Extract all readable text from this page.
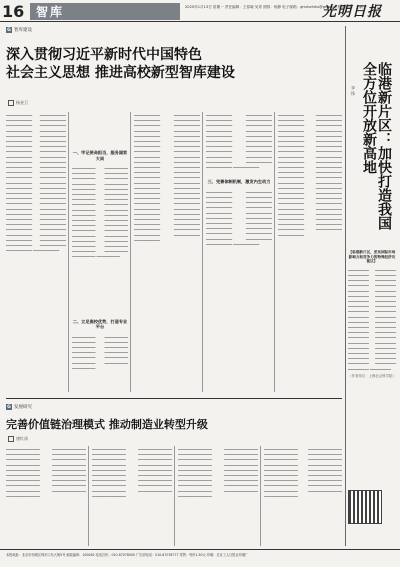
16 智库	2020年1月13日 星期一 责任编辑：王春晓 吴青 照排：杨静 电子邮箱：gmrbzhiku@gmw.cn 版式编辑：王新
光明日报
G 智库建设
深入贯彻习近平新时代中国特色
社会主义思想 推进高校新型智库建设
杨金卫
▁▁▁▁▁▁▁▁▁▁ ▁▁▁▁▁▁▁▁▁▁ ▁▁▁▁▁▁▁▁▁▁ ▁▁▁▁▁▁▁▁▁▁ ▁▁▁▁▁▁▁▁▁▁ ▁▁▁▁▁▁▁▁▁▁ ▁▁▁▁▁▁▁▁▁▁ ▁▁▁▁▁▁▁▁▁▁ ▁▁▁▁▁▁▁▁▁▁ ▁▁▁▁▁▁▁▁▁▁ ▁▁▁▁▁▁▁▁▁▁ ▁▁▁▁▁▁▁▁▁▁ ▁▁▁▁▁▁▁▁▁▁ ▁▁▁▁▁▁▁▁▁▁ ▁▁▁▁▁▁▁▁▁▁ ▁▁▁▁▁▁▁▁▁▁ ▁▁▁▁▁▁▁▁▁▁ ▁▁▁▁▁▁▁▁▁▁ ▁▁▁▁▁▁▁▁▁▁ ▁▁▁▁▁▁▁▁▁▁ ▁▁▁▁▁▁▁▁▁▁ ▁▁▁▁▁▁▁▁▁▁ ▁▁▁▁▁▁▁▁▁▁ ▁▁▁▁▁▁▁▁▁▁ ▁▁▁▁▁▁▁▁▁▁ ▁▁▁▁▁▁▁▁▁▁ ▁▁▁▁▁▁▁▁▁▁ ▁▁▁▁▁▁▁▁▁▁ ▁▁▁▁▁▁▁▁▁▁ ▁▁▁▁▁▁▁▁▁▁ ▁▁▁▁▁▁▁▁▁▁ ▁▁▁▁▁▁▁▁▁▁ ▁▁▁▁▁▁▁▁▁▁ ▁▁▁▁▁▁▁▁▁▁ ▁▁▁▁▁▁▁▁▁▁ ▁▁▁▁▁▁▁▁▁▁ ▁▁▁▁▁▁▁▁▁▁ ▁▁▁▁▁▁▁▁▁▁ ▁▁▁▁▁▁▁▁▁▁ ▁▁▁▁▁▁▁▁▁▁ ▁▁▁▁▁▁▁▁▁▁ ▁▁▁▁▁▁▁▁▁▁ ▁▁▁▁▁▁▁▁▁▁ ▁▁▁▁▁▁▁▁▁▁ ▁▁▁▁▁▁▁▁▁▁ ▁▁▁▁▁▁▁▁▁▁ ▁▁▁▁▁▁▁▁▁▁ ▁▁▁▁▁▁▁▁▁▁ ▁▁▁▁▁▁▁▁▁▁ ▁▁▁▁▁▁▁▁▁▁ ▁▁▁▁▁▁▁▁▁▁ ▁▁▁▁▁▁▁▁▁▁ ▁▁▁▁▁▁▁▁▁▁ ▁▁▁▁▁▁▁▁▁▁
一、牢记使命担当，服务国家大局
▁▁▁▁▁▁▁▁▁ ▁▁▁▁▁▁▁▁▁ ▁▁▁▁▁▁▁▁▁ ▁▁▁▁▁▁▁▁▁ ▁▁▁▁▁▁▁▁▁ ▁▁▁▁▁▁▁▁▁ ▁▁▁▁▁▁▁▁▁ ▁▁▁▁▁▁▁▁▁ ▁▁▁▁▁▁▁▁▁ ▁▁▁▁▁▁▁▁▁ ▁▁▁▁▁▁▁▁▁ ▁▁▁▁▁▁▁▁▁ ▁▁▁▁▁▁▁▁▁ ▁▁▁▁▁▁▁▁▁ ▁▁▁▁▁▁▁▁▁ ▁▁▁▁▁▁▁▁▁ ▁▁▁▁▁▁▁▁▁ ▁▁▁▁▁▁▁▁▁ ▁▁▁▁▁▁▁▁▁ ▁▁▁▁▁▁▁▁▁ ▁▁▁▁▁▁▁▁▁ ▁▁▁▁▁▁▁▁▁ ▁▁▁▁▁▁▁▁▁ ▁▁▁▁▁▁▁▁▁ ▁▁▁▁▁▁▁▁▁ ▁▁▁▁▁▁▁▁▁ ▁▁▁▁▁▁▁▁▁ ▁▁▁▁▁▁▁▁▁ ▁▁▁▁▁▁▁▁▁ ▁▁▁▁▁▁▁▁▁ ▁▁▁▁▁▁▁▁▁ ▁▁▁▁▁▁▁▁▁ ▁▁▁▁▁▁▁▁▁ ▁▁▁▁▁▁▁▁▁ ▁▁▁▁▁▁▁▁▁ ▁▁▁▁▁▁▁▁▁
二、立足高校优势，打造专业平台
▁▁▁▁▁▁▁▁▁ ▁▁▁▁▁▁▁▁▁ ▁▁▁▁▁▁▁▁▁ ▁▁▁▁▁▁▁▁▁ ▁▁▁▁▁▁▁▁▁ ▁▁▁▁▁▁▁▁▁ ▁▁▁▁▁▁▁▁▁ ▁▁▁▁▁▁▁▁▁ ▁▁▁▁▁▁▁▁▁ ▁▁▁▁▁▁▁▁▁ ▁▁▁▁▁▁▁▁▁ ▁▁▁▁▁▁▁▁▁ ▁▁▁▁▁▁▁▁▁
▁▁▁▁▁▁▁▁▁▁ ▁▁▁▁▁▁▁▁▁▁ ▁▁▁▁▁▁▁▁▁▁ ▁▁▁▁▁▁▁▁▁▁ ▁▁▁▁▁▁▁▁▁▁ ▁▁▁▁▁▁▁▁▁▁ ▁▁▁▁▁▁▁▁▁▁ ▁▁▁▁▁▁▁▁▁▁ ▁▁▁▁▁▁▁▁▁▁ ▁▁▁▁▁▁▁▁▁▁ ▁▁▁▁▁▁▁▁▁▁ ▁▁▁▁▁▁▁▁▁▁ ▁▁▁▁▁▁▁▁▁▁ ▁▁▁▁▁▁▁▁▁▁ ▁▁▁▁▁▁▁▁▁▁ ▁▁▁▁▁▁▁▁▁▁ ▁▁▁▁▁▁▁▁▁▁ ▁▁▁▁▁▁▁▁▁▁ ▁▁▁▁▁▁▁▁▁▁ ▁▁▁▁▁▁▁▁▁▁ ▁▁▁▁▁▁▁▁▁▁ ▁▁▁▁▁▁▁▁▁▁ ▁▁▁▁▁▁▁▁▁▁ ▁▁▁▁▁▁▁▁▁▁ ▁▁▁▁▁▁▁▁▁▁ ▁▁▁▁▁▁▁▁▁▁ ▁▁▁▁▁▁▁▁▁▁ ▁▁▁▁▁▁▁▁▁▁ ▁▁▁▁▁▁▁▁▁▁ ▁▁▁▁▁▁▁▁▁▁ ▁▁▁▁▁▁▁▁▁▁ ▁▁▁▁▁▁▁▁▁▁ ▁▁▁▁▁▁▁▁▁▁ ▁▁▁▁▁▁▁▁▁▁ ▁▁▁▁▁▁▁▁▁▁ ▁▁▁▁▁▁▁▁▁▁ ▁▁▁▁▁▁▁▁▁▁ ▁▁▁▁▁▁▁▁▁▁ ▁▁▁▁▁▁▁▁▁▁ ▁▁▁▁▁▁▁▁▁▁ ▁▁▁▁▁▁▁▁▁▁ ▁▁▁▁▁▁▁▁▁▁ ▁▁▁▁▁▁▁▁▁▁ ▁▁▁▁▁▁▁▁▁▁ ▁▁▁▁▁▁▁▁▁▁ ▁▁▁▁▁▁▁▁▁▁ ▁▁▁▁▁▁▁▁▁▁ ▁▁▁▁▁▁▁▁▁▁ ▁▁▁▁▁▁▁▁▁▁
▁▁▁▁▁▁▁▁▁▁ ▁▁▁▁▁▁▁▁▁▁ ▁▁▁▁▁▁▁▁▁▁ ▁▁▁▁▁▁▁▁▁▁ ▁▁▁▁▁▁▁▁▁▁ ▁▁▁▁▁▁▁▁▁▁ ▁▁▁▁▁▁▁▁▁▁ ▁▁▁▁▁▁▁▁▁▁ ▁▁▁▁▁▁▁▁▁▁ ▁▁▁▁▁▁▁▁▁▁ ▁▁▁▁▁▁▁▁▁▁ ▁▁▁▁▁▁▁▁▁▁ ▁▁▁▁▁▁▁▁▁▁ ▁▁▁▁▁▁▁▁▁▁ ▁▁▁▁▁▁▁▁▁▁ ▁▁▁▁▁▁▁▁▁▁ ▁▁▁▁▁▁▁▁▁▁ ▁▁▁▁▁▁▁▁▁▁ ▁▁▁▁▁▁▁▁▁▁ ▁▁▁▁▁▁▁▁▁▁ ▁▁▁▁▁▁▁▁▁▁ ▁▁▁▁▁▁▁▁▁▁
三、完善体制机制，激发内生动力
▁▁▁▁▁▁▁▁▁▁ ▁▁▁▁▁▁▁▁▁▁ ▁▁▁▁▁▁▁▁▁▁ ▁▁▁▁▁▁▁▁▁▁ ▁▁▁▁▁▁▁▁▁▁ ▁▁▁▁▁▁▁▁▁▁ ▁▁▁▁▁▁▁▁▁▁ ▁▁▁▁▁▁▁▁▁▁ ▁▁▁▁▁▁▁▁▁▁ ▁▁▁▁▁▁▁▁▁▁ ▁▁▁▁▁▁▁▁▁▁ ▁▁▁▁▁▁▁▁▁▁ ▁▁▁▁▁▁▁▁▁▁ ▁▁▁▁▁▁▁▁▁▁ ▁▁▁▁▁▁▁▁▁▁ ▁▁▁▁▁▁▁▁▁▁ ▁▁▁▁▁▁▁▁▁▁ ▁▁▁▁▁▁▁▁▁▁ ▁▁▁▁▁▁▁▁▁▁ ▁▁▁▁▁▁▁▁▁▁ ▁▁▁▁▁▁▁▁▁▁ ▁▁▁▁▁▁▁▁▁▁
▁▁▁▁▁▁▁▁▁▁ ▁▁▁▁▁▁▁▁▁▁ ▁▁▁▁▁▁▁▁▁▁ ▁▁▁▁▁▁▁▁▁▁ ▁▁▁▁▁▁▁▁▁▁ ▁▁▁▁▁▁▁▁▁▁ ▁▁▁▁▁▁▁▁▁▁ ▁▁▁▁▁▁▁▁▁▁ ▁▁▁▁▁▁▁▁▁▁ ▁▁▁▁▁▁▁▁▁▁ ▁▁▁▁▁▁▁▁▁▁ ▁▁▁▁▁▁▁▁▁▁ ▁▁▁▁▁▁▁▁▁▁ ▁▁▁▁▁▁▁▁▁▁ ▁▁▁▁▁▁▁▁▁▁ ▁▁▁▁▁▁▁▁▁▁ ▁▁▁▁▁▁▁▁▁▁ ▁▁▁▁▁▁▁▁▁▁ ▁▁▁▁▁▁▁▁▁▁ ▁▁▁▁▁▁▁▁▁▁ ▁▁▁▁▁▁▁▁▁▁ ▁▁▁▁▁▁▁▁▁▁ ▁▁▁▁▁▁▁▁▁▁ ▁▁▁▁▁▁▁▁▁▁ ▁▁▁▁▁▁▁▁▁▁ ▁▁▁▁▁▁▁▁▁▁ ▁▁▁▁▁▁▁▁▁▁ ▁▁▁▁▁▁▁▁▁▁ ▁▁▁▁▁▁▁▁▁▁ ▁▁▁▁▁▁▁▁▁▁ ▁▁▁▁▁▁▁▁▁▁ ▁▁▁▁▁▁▁▁▁▁ ▁▁▁▁▁▁▁▁▁▁ ▁▁▁▁▁▁▁▁▁▁ ▁▁▁▁▁▁▁▁▁▁ ▁▁▁▁▁▁▁▁▁▁ ▁▁▁▁▁▁▁▁▁▁ ▁▁▁▁▁▁▁▁▁▁ ▁▁▁▁▁▁▁▁▁▁ ▁▁▁▁▁▁▁▁▁▁ ▁▁▁▁▁▁▁▁▁▁ ▁▁▁▁▁▁▁▁▁▁ ▁▁▁▁▁▁▁▁▁▁ ▁▁▁▁▁▁▁▁▁▁ ▁▁▁▁▁▁▁▁▁▁ ▁▁▁▁▁▁▁▁▁▁ ▁▁▁▁▁▁▁▁▁▁
G 发展研究
完善价值链治理模式 推动制造业转型升级
唐红涛
▁▁▁▁▁▁▁▁▁▁▁▁▁ ▁▁▁▁▁▁▁▁▁▁▁▁▁ ▁▁▁▁▁▁▁▁▁▁▁▁▁ ▁▁▁▁▁▁▁▁▁▁▁▁▁ ▁▁▁▁▁▁▁▁▁▁▁▁▁ ▁▁▁▁▁▁▁▁▁▁▁▁▁ ▁▁▁▁▁▁▁▁▁▁▁▁▁ ▁▁▁▁▁▁▁▁▁▁▁▁▁ ▁▁▁▁▁▁▁▁▁▁▁▁▁ ▁▁▁▁▁▁▁▁▁▁▁▁▁ ▁▁▁▁▁▁▁▁▁▁▁▁▁ ▁▁▁▁▁▁▁▁▁▁▁▁▁ ▁▁▁▁▁▁▁▁▁▁▁▁▁ ▁▁▁▁▁▁▁▁▁▁▁▁▁ ▁▁▁▁▁▁▁▁▁▁▁▁▁ ▁▁▁▁▁▁▁▁▁▁▁▁▁ ▁▁▁▁▁▁▁▁▁▁▁▁▁ ▁▁▁▁▁▁▁▁▁▁▁▁▁ ▁▁▁▁▁▁▁▁▁▁▁▁▁
▁▁▁▁▁▁▁▁▁▁▁▁▁ ▁▁▁▁▁▁▁▁▁▁▁▁▁ ▁▁▁▁▁▁▁▁▁▁▁▁▁ ▁▁▁▁▁▁▁▁▁▁▁▁▁ ▁▁▁▁▁▁▁▁▁▁▁▁▁ ▁▁▁▁▁▁▁▁▁▁▁▁▁ ▁▁▁▁▁▁▁▁▁▁▁▁▁ ▁▁▁▁▁▁▁▁▁▁▁▁▁ ▁▁▁▁▁▁▁▁▁▁▁▁▁ ▁▁▁▁▁▁▁▁▁▁▁▁▁ ▁▁▁▁▁▁▁▁▁▁▁▁▁ ▁▁▁▁▁▁▁▁▁▁▁▁▁ ▁▁▁▁▁▁▁▁▁▁▁▁▁ ▁▁▁▁▁▁▁▁▁▁▁▁▁ ▁▁▁▁▁▁▁▁▁▁▁▁▁ ▁▁▁▁▁▁▁▁▁▁▁▁▁ ▁▁▁▁▁▁▁▁▁▁▁▁▁ ▁▁▁▁▁▁▁▁▁▁▁▁▁ ▁▁▁▁▁▁▁▁▁▁▁▁▁
▁▁▁▁▁▁▁▁▁▁▁▁▁ ▁▁▁▁▁▁▁▁▁▁▁▁▁ ▁▁▁▁▁▁▁▁▁▁▁▁▁ ▁▁▁▁▁▁▁▁▁▁▁▁▁ ▁▁▁▁▁▁▁▁▁▁▁▁▁ ▁▁▁▁▁▁▁▁▁▁▁▁▁ ▁▁▁▁▁▁▁▁▁▁▁▁▁ ▁▁▁▁▁▁▁▁▁▁▁▁▁ ▁▁▁▁▁▁▁▁▁▁▁▁▁ ▁▁▁▁▁▁▁▁▁▁▁▁▁ ▁▁▁▁▁▁▁▁▁▁▁▁▁ ▁▁▁▁▁▁▁▁▁▁▁▁▁ ▁▁▁▁▁▁▁▁▁▁▁▁▁ ▁▁▁▁▁▁▁▁▁▁▁▁▁ ▁▁▁▁▁▁▁▁▁▁▁▁▁ ▁▁▁▁▁▁▁▁▁▁▁▁▁ ▁▁▁▁▁▁▁▁▁▁▁▁▁ ▁▁▁▁▁▁▁▁▁▁▁▁▁ ▁▁▁▁▁▁▁▁▁▁▁▁▁
▁▁▁▁▁▁▁▁▁▁▁▁▁ ▁▁▁▁▁▁▁▁▁▁▁▁▁ ▁▁▁▁▁▁▁▁▁▁▁▁▁ ▁▁▁▁▁▁▁▁▁▁▁▁▁ ▁▁▁▁▁▁▁▁▁▁▁▁▁ ▁▁▁▁▁▁▁▁▁▁▁▁▁ ▁▁▁▁▁▁▁▁▁▁▁▁▁ ▁▁▁▁▁▁▁▁▁▁▁▁▁ ▁▁▁▁▁▁▁▁▁▁▁▁▁ ▁▁▁▁▁▁▁▁▁▁▁▁▁ ▁▁▁▁▁▁▁▁▁▁▁▁▁ ▁▁▁▁▁▁▁▁▁▁▁▁▁ ▁▁▁▁▁▁▁▁▁▁▁▁▁ ▁▁▁▁▁▁▁▁▁▁▁▁▁ ▁▁▁▁▁▁▁▁▁▁▁▁▁ ▁▁▁▁▁▁▁▁▁▁▁▁▁ ▁▁▁▁▁▁▁▁▁▁▁▁▁ ▁▁▁▁▁▁▁▁▁▁▁▁▁ ▁▁▁▁▁▁▁▁▁▁▁▁▁
临港新片区：加快打造我国全方位开放新高地
李 锋
【临港新片区，更具国际市场影响力和竞争力的特殊经济功能区】
▁▁▁▁▁▁▁▁ ▁▁▁▁▁▁▁▁ ▁▁▁▁▁▁▁▁ ▁▁▁▁▁▁▁▁ ▁▁▁▁▁▁▁▁ ▁▁▁▁▁▁▁▁ ▁▁▁▁▁▁▁▁ ▁▁▁▁▁▁▁▁ ▁▁▁▁▁▁▁▁ ▁▁▁▁▁▁▁▁ ▁▁▁▁▁▁▁▁ ▁▁▁▁▁▁▁▁ ▁▁▁▁▁▁▁▁ ▁▁▁▁▁▁▁▁ ▁▁▁▁▁▁▁▁ ▁▁▁▁▁▁▁▁ ▁▁▁▁▁▁▁▁ ▁▁▁▁▁▁▁▁ ▁▁▁▁▁▁▁▁ ▁▁▁▁▁▁▁▁ ▁▁▁▁▁▁▁▁ ▁▁▁▁▁▁▁▁ ▁▁▁▁▁▁▁▁ ▁▁▁▁▁▁▁▁ ▁▁▁▁▁▁▁▁ ▁▁▁▁▁▁▁▁ ▁▁▁▁▁▁▁▁ ▁▁▁▁▁▁▁▁ ▁▁▁▁▁▁▁▁ ▁▁▁▁▁▁▁▁ ▁▁▁▁▁▁▁▁ ▁▁▁▁▁▁▁▁ ▁▁▁▁▁▁▁▁ ▁▁▁▁▁▁▁▁ ▁▁▁▁▁▁▁▁ ▁▁▁▁▁▁▁▁ ▁▁▁▁▁▁▁▁ ▁▁▁▁▁▁▁▁ ▁▁▁▁▁▁▁▁ ▁▁▁▁▁▁▁▁
（作者单位：上海社会科学院）
本报地址：北京市西城区珠市口东大街5号 邮政编码：100062 电话总机：010-67078000 广告部电话：010-67078777 零售：每份1.50元 印刷：北京工人日报社印刷厂
